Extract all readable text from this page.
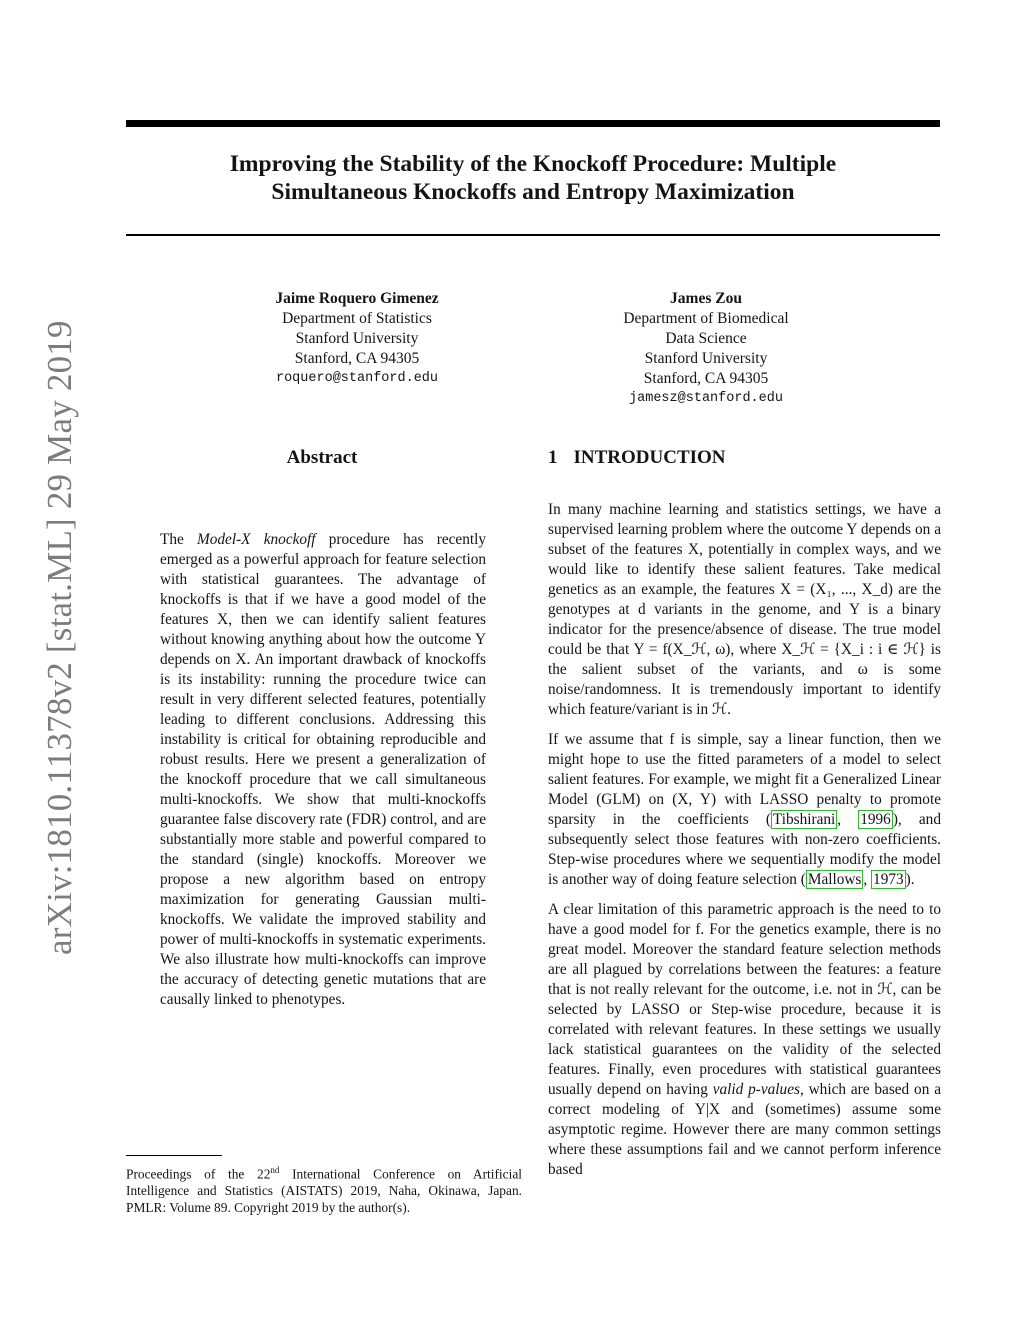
arXiv:1810.11378v2 [stat.ML] 29 May 2019
Improving the Stability of the Knockoff Procedure: Multiple
Simultaneous Knockoffs and Entropy Maximization
Jaime Roquero Gimenez
Department of Statistics
Stanford University
Stanford, CA 94305
roquero@stanford.edu
James Zou
Department of Biomedical
Data Science
Stanford University
Stanford, CA 94305
jamesz@stanford.edu
Abstract	1 INTRODUCTION
The Model-X knockoff procedure has recently emerged as a powerful approach for feature selection with statistical guarantees. The advantage of knockoffs is that if we have a good model of the features X, then we can identify salient features without knowing anything about how the outcome Y depends on X. An important drawback of knockoffs is its instability: running the procedure twice can result in very different selected features, potentially leading to different conclusions. Addressing this instability is critical for obtaining reproducible and robust results. Here we present a generalization of the knockoff procedure that we call simultaneous multi-knockoffs. We show that multi-knockoffs guarantee false discovery rate (FDR) control, and are substantially more stable and powerful compared to the standard (single) knockoffs. Moreover we propose a new algorithm based on entropy maximization for generating Gaussian multi-knockoffs. We validate the improved stability and power of multi-knockoffs in systematic experiments. We also illustrate how multi-knockoffs can improve the accuracy of detecting genetic mutations that are causally linked to phenotypes.

In many machine learning and statistics settings, we have a supervised learning problem where the outcome Y depends on a subset of the features X, potentially in complex ways, and we would like to identify these salient features. Take medical genetics as an example, the features X = (X₁, ..., X_d) are the genotypes at d variants in the genome, and Y is a binary indicator for the presence/absence of disease. The true model could be that Y = f(X_ℋ, ω), where X_ℋ = {X_i : i ∈ ℋ} is the salient subset of the variants, and ω is some noise/randomness. It is tremendously important to identify which feature/variant is in ℋ.

If we assume that f is simple, say a linear function, then we might hope to use the fitted parameters of a model to select salient features. For example, we might fit a Generalized Linear Model (GLM) on (X, Y) with LASSO penalty to promote sparsity in the coefficients ( Tibshirani , 1996 ), and subsequently select those features with non-zero coefficients. Step-wise procedures where we sequentially modify the model is another way of doing feature selection ( Mallows , 1973 ).

A clear limitation of this parametric approach is the need to to have a good model for f. For the genetics example, there is no great model. Moreover the standard feature selection methods are all plagued by correlations between the features: a feature that is not really relevant for the outcome, i.e. not in ℋ, can be selected by LASSO or Step-wise procedure, because it is correlated with relevant features. In these settings we usually lack statistical guarantees on the validity of the selected features. Finally, even procedures with statistical guarantees usually depend on having valid p-values, which are based on a correct modeling of Y|X and (sometimes) assume some asymptotic regime. However there are many common settings where these assumptions fail and we cannot perform inference based

Proceedings of the 22nd International Conference on Artificial Intelligence and Statistics (AISTATS) 2019, Naha, Okinawa, Japan. PMLR: Volume 89. Copyright 2019 by the author(s).
